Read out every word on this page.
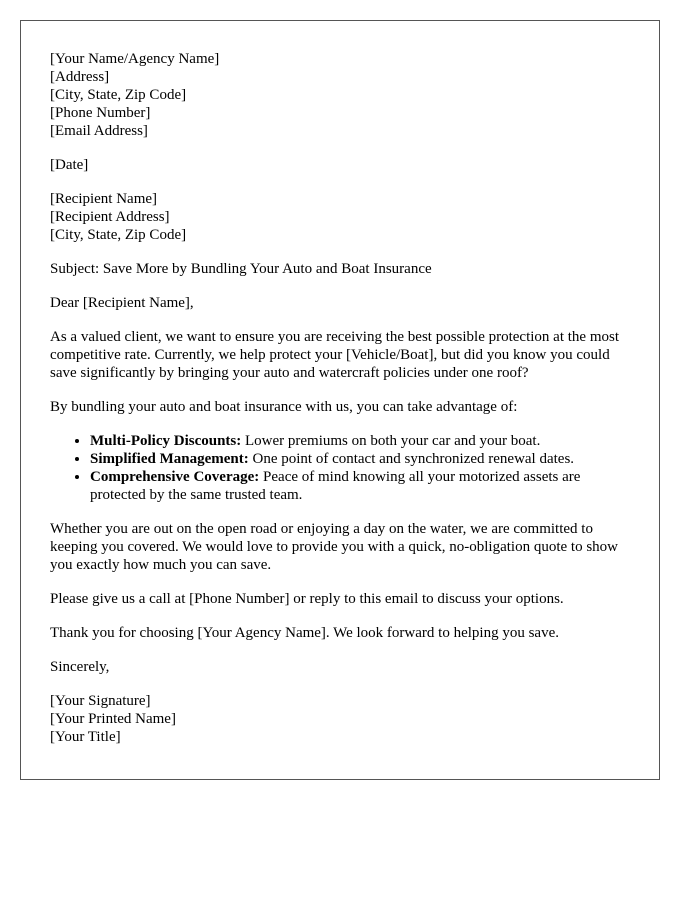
[Your Name/Agency Name]
[Address]
[City, State, Zip Code]
[Phone Number]
[Email Address]

[Date]

[Recipient Name]
[Recipient Address]
[City, State, Zip Code]

Subject: Save More by Bundling Your Auto and Boat Insurance

Dear [Recipient Name],

As a valued client, we want to ensure you are receiving the best possible protection at the most competitive rate. Currently, we help protect your [Vehicle/Boat], but did you know you could save significantly by bringing your auto and watercraft policies under one roof?

By bundling your auto and boat insurance with us, you can take advantage of:

• Multi-Policy Discounts: Lower premiums on both your car and your boat.
• Simplified Management: One point of contact and synchronized renewal dates.
• Comprehensive Coverage: Peace of mind knowing all your motorized assets are protected by the same trusted team.

Whether you are out on the open road or enjoying a day on the water, we are committed to keeping you covered. We would love to provide you with a quick, no-obligation quote to show you exactly how much you can save.

Please give us a call at [Phone Number] or reply to this email to discuss your options.

Thank you for choosing [Your Agency Name]. We look forward to helping you save.

Sincerely,

[Your Signature]
[Your Printed Name]
[Your Title]
